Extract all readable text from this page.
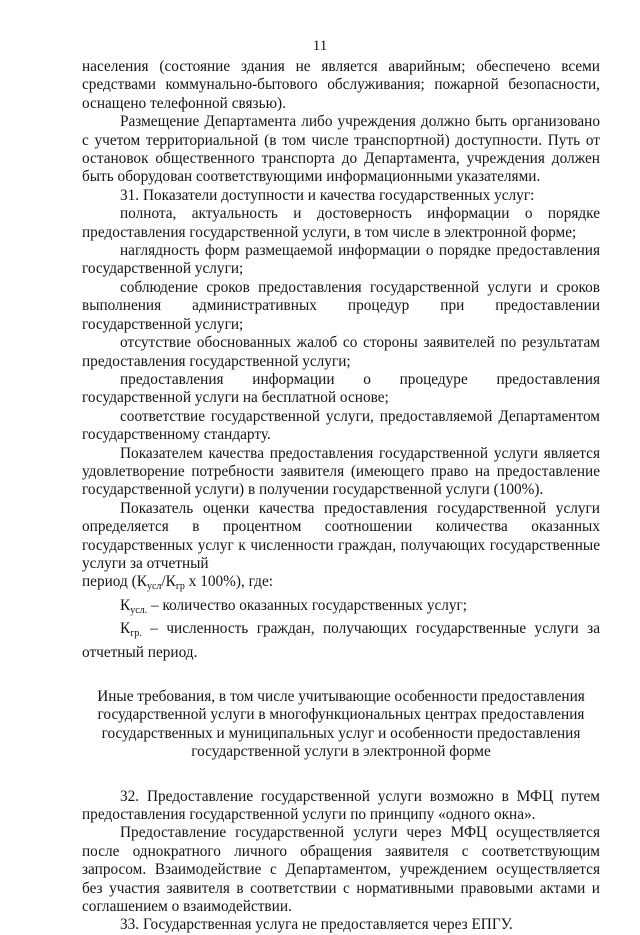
11

населения (состояние здания не является аварийным; обеспечено всеми средствами коммунально-бытового обслуживания; пожарной безопасности, оснащено телефонной связью).

Размещение Департамента либо учреждения должно быть организовано с учетом территориальной (в том числе транспортной) доступности. Путь от остановок общественного транспорта до Департамента, учреждения должен быть оборудован соответствующими информационными указателями.

31. Показатели доступности и качества государственных услуг:

полнота, актуальность и достоверность информации о порядке предоставления государственной услуги, в том числе в электронной форме;

наглядность форм размещаемой информации о порядке предоставления государственной услуги;

соблюдение сроков предоставления государственной услуги и сроков выполнения административных процедур при предоставлении государственной услуги;

отсутствие обоснованных жалоб со стороны заявителей по результатам предоставления государственной услуги;

предоставления информации о процедуре предоставления государственной услуги на бесплатной основе;

соответствие государственной услуги, предоставляемой Департаментом государственному стандарту.

Показателем качества предоставления государственной услуги является удовлетворение потребности заявителя (имеющего право на предоставление государственной услуги) в получении государственной услуги (100%).

Показатель оценки качества предоставления государственной услуги определяется в процентном соотношении количества оказанных государственных услуг к численности граждан, получающих государственные услуги за отчетный

период ($К_{усл}/К_{гр}$ х 100%), где:

$К_{усл.}$ – количество оказанных государственных услуг;

$К_{гр.}$ – численность граждан, получающих государственные услуги за отчетный период.

Иные требования, в том числе учитывающие особенности предоставления государственной услуги в многофункциональных центрах предоставления государственных и муниципальных услуг и особенности предоставления государственной услуги в электронной форме

32. Предоставление государственной услуги возможно в МФЦ путем предоставления государственной услуги по принципу «одного окна».

Предоставление государственной услуги через МФЦ осуществляется после однократного личного обращения заявителя с соответствующим запросом. Взаимодействие с Департаментом, учреждением осуществляется без участия заявителя в соответствии с нормативными правовыми актами и соглашением о взаимодействии.

33. Государственная услуга не предоставляется через ЕПГУ.
